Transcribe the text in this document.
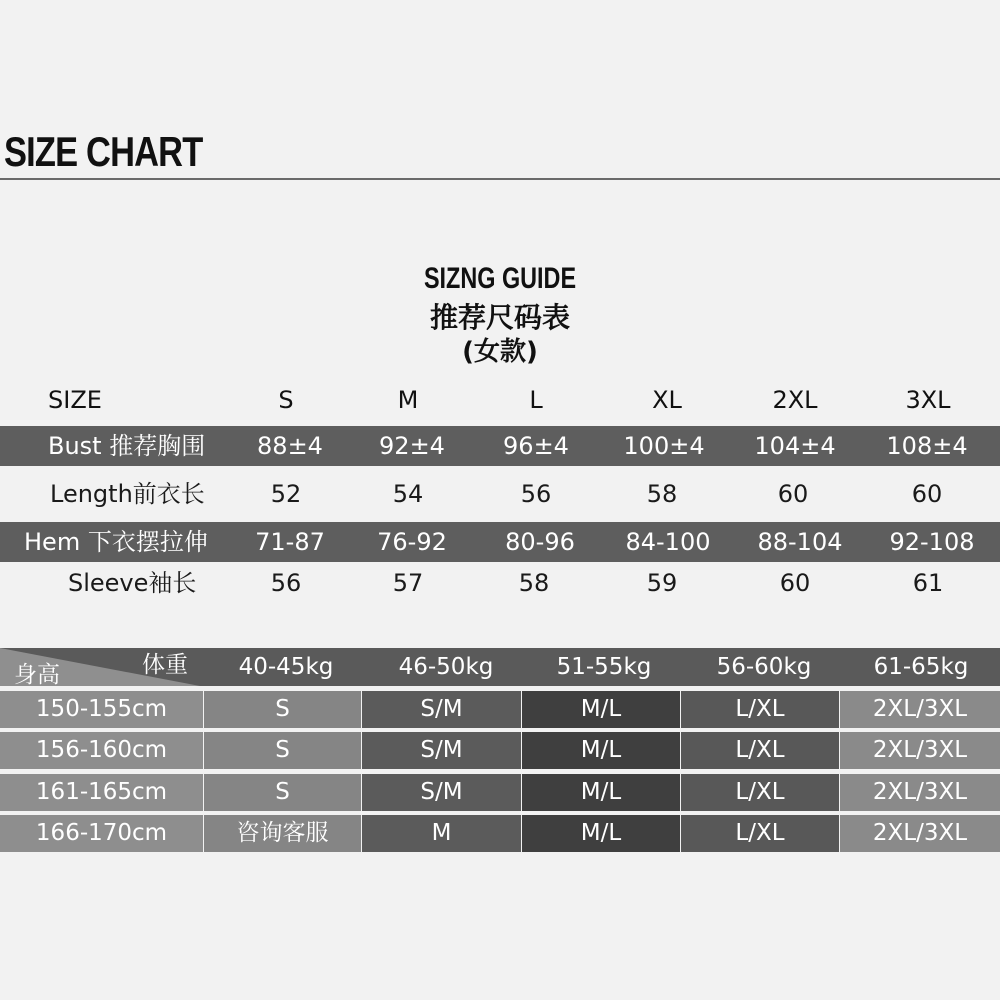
SIZE CHART
SIZNG GUIDE
推荐尺码表
(女款)
SIZE	S	M	L	XL	2XL	3XL
Bust 推荐胸围	88±4	92±4	96±4	100±4	104±4	108±4
Length前衣长	52	54	56	58	60	60
Hem 下衣摆拉伸	71-87	76-92	80-96	84-100	88-104	92-108
Sleeve袖长	56	57	58	59	60	61
体重
身高	40-45kg	46-50kg	51-55kg	56-60kg	61-65kg
150-155cm	S	S/M	M/L	L/XL	2XL/3XL
156-160cm	S	S/M	M/L	L/XL	2XL/3XL
161-165cm	S	S/M	M/L	L/XL	2XL/3XL
166-170cm	咨询客服	M	M/L	L/XL	2XL/3XL
